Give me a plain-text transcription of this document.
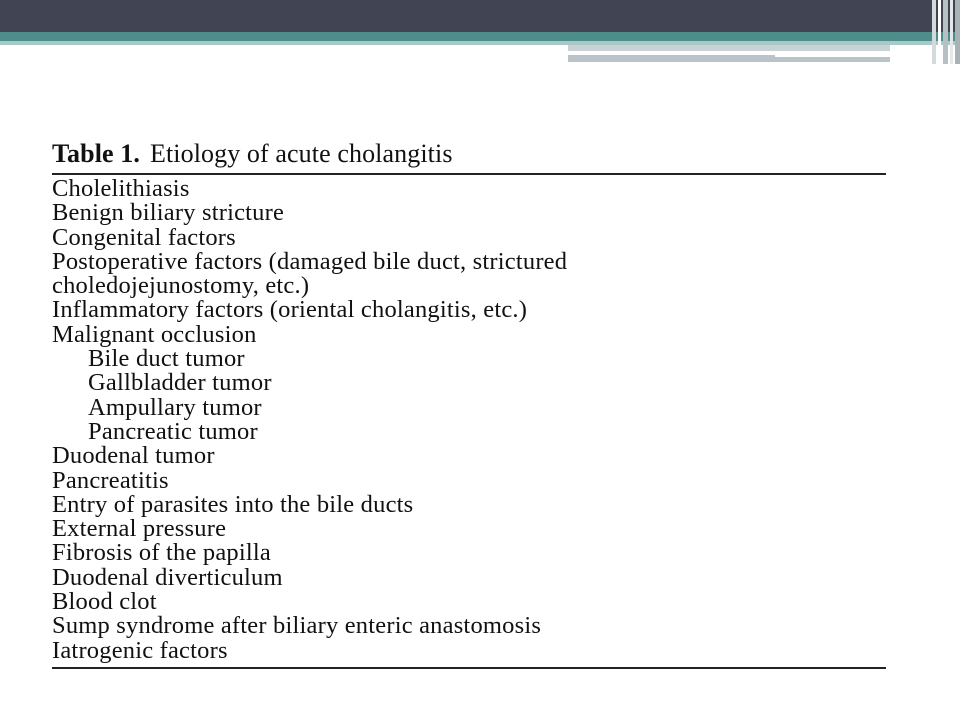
Table 1. Etiology of acute cholangitis
Cholelithiasis
Benign biliary stricture
Congenital factors
Postoperative factors (damaged bile duct, strictured
choledojejunostomy, etc.)
Inflammatory factors (oriental cholangitis, etc.)
Malignant occlusion
Bile duct tumor
Gallbladder tumor
Ampullary tumor
Pancreatic tumor
Duodenal tumor
Pancreatitis
Entry of parasites into the bile ducts
External pressure
Fibrosis of the papilla
Duodenal diverticulum
Blood clot
Sump syndrome after biliary enteric anastomosis
Iatrogenic factors
